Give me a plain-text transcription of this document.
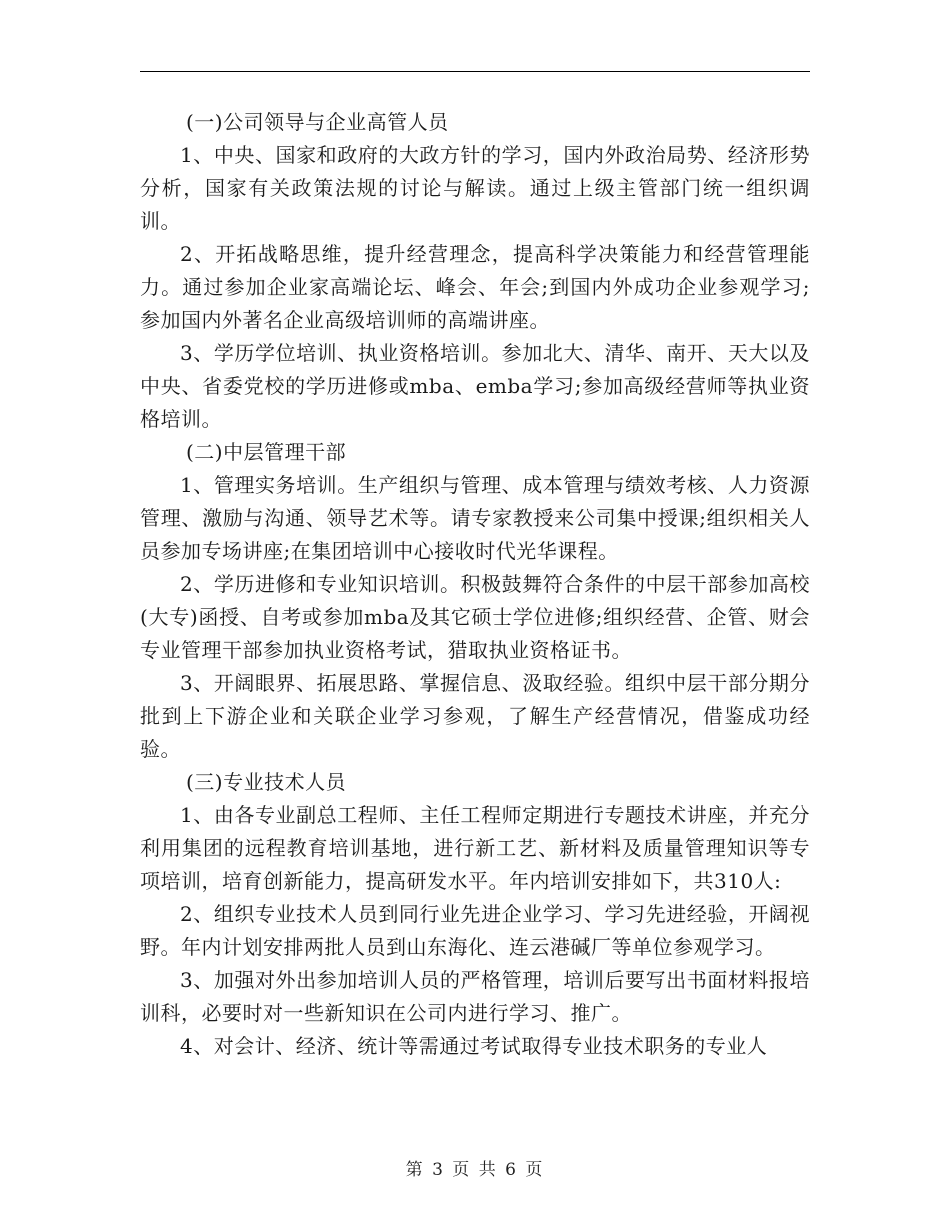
(一)公司领导与企业高管人员

1、中央、国家和政府的大政方针的学习，国内外政治局势、经济形势分析，国家有关政策法规的讨论与解读。通过上级主管部门统一组织调训。

2、开拓战略思维，提升经营理念，提高科学决策能力和经营管理能力。通过参加企业家高端论坛、峰会、年会;到国内外成功企业参观学习;参加国内外著名企业高级培训师的高端讲座。

3、学历学位培训、执业资格培训。参加北大、清华、南开、天大以及中央、省委党校的学历进修或mba、emba学习;参加高级经营师等执业资格培训。

(二)中层管理干部

1、管理实务培训。生产组织与管理、成本管理与绩效考核、人力资源管理、激励与沟通、领导艺术等。请专家教授来公司集中授课;组织相关人员参加专场讲座;在集团培训中心接收时代光华课程。

2、学历进修和专业知识培训。积极鼓舞符合条件的中层干部参加高校(大专)函授、自考或参加mba及其它硕士学位进修;组织经营、企管、财会专业管理干部参加执业资格考试，猎取执业资格证书。

3、开阔眼界、拓展思路、掌握信息、汲取经验。组织中层干部分期分批到上下游企业和关联企业学习参观，了解生产经营情况，借鉴成功经验。

(三)专业技术人员

1、由各专业副总工程师、主任工程师定期进行专题技术讲座，并充分利用集团的远程教育培训基地，进行新工艺、新材料及质量管理知识等专项培训，培育创新能力，提高研发水平。年内培训安排如下，共310人:

2、组织专业技术人员到同行业先进企业学习、学习先进经验，开阔视野。年内计划安排两批人员到山东海化、连云港碱厂等单位参观学习。

3、加强对外出参加培训人员的严格管理，培训后要写出书面材料报培训科，必要时对一些新知识在公司内进行学习、推广。

4、对会计、经济、统计等需通过考试取得专业技术职务的专业人

第 3 页 共 6 页
